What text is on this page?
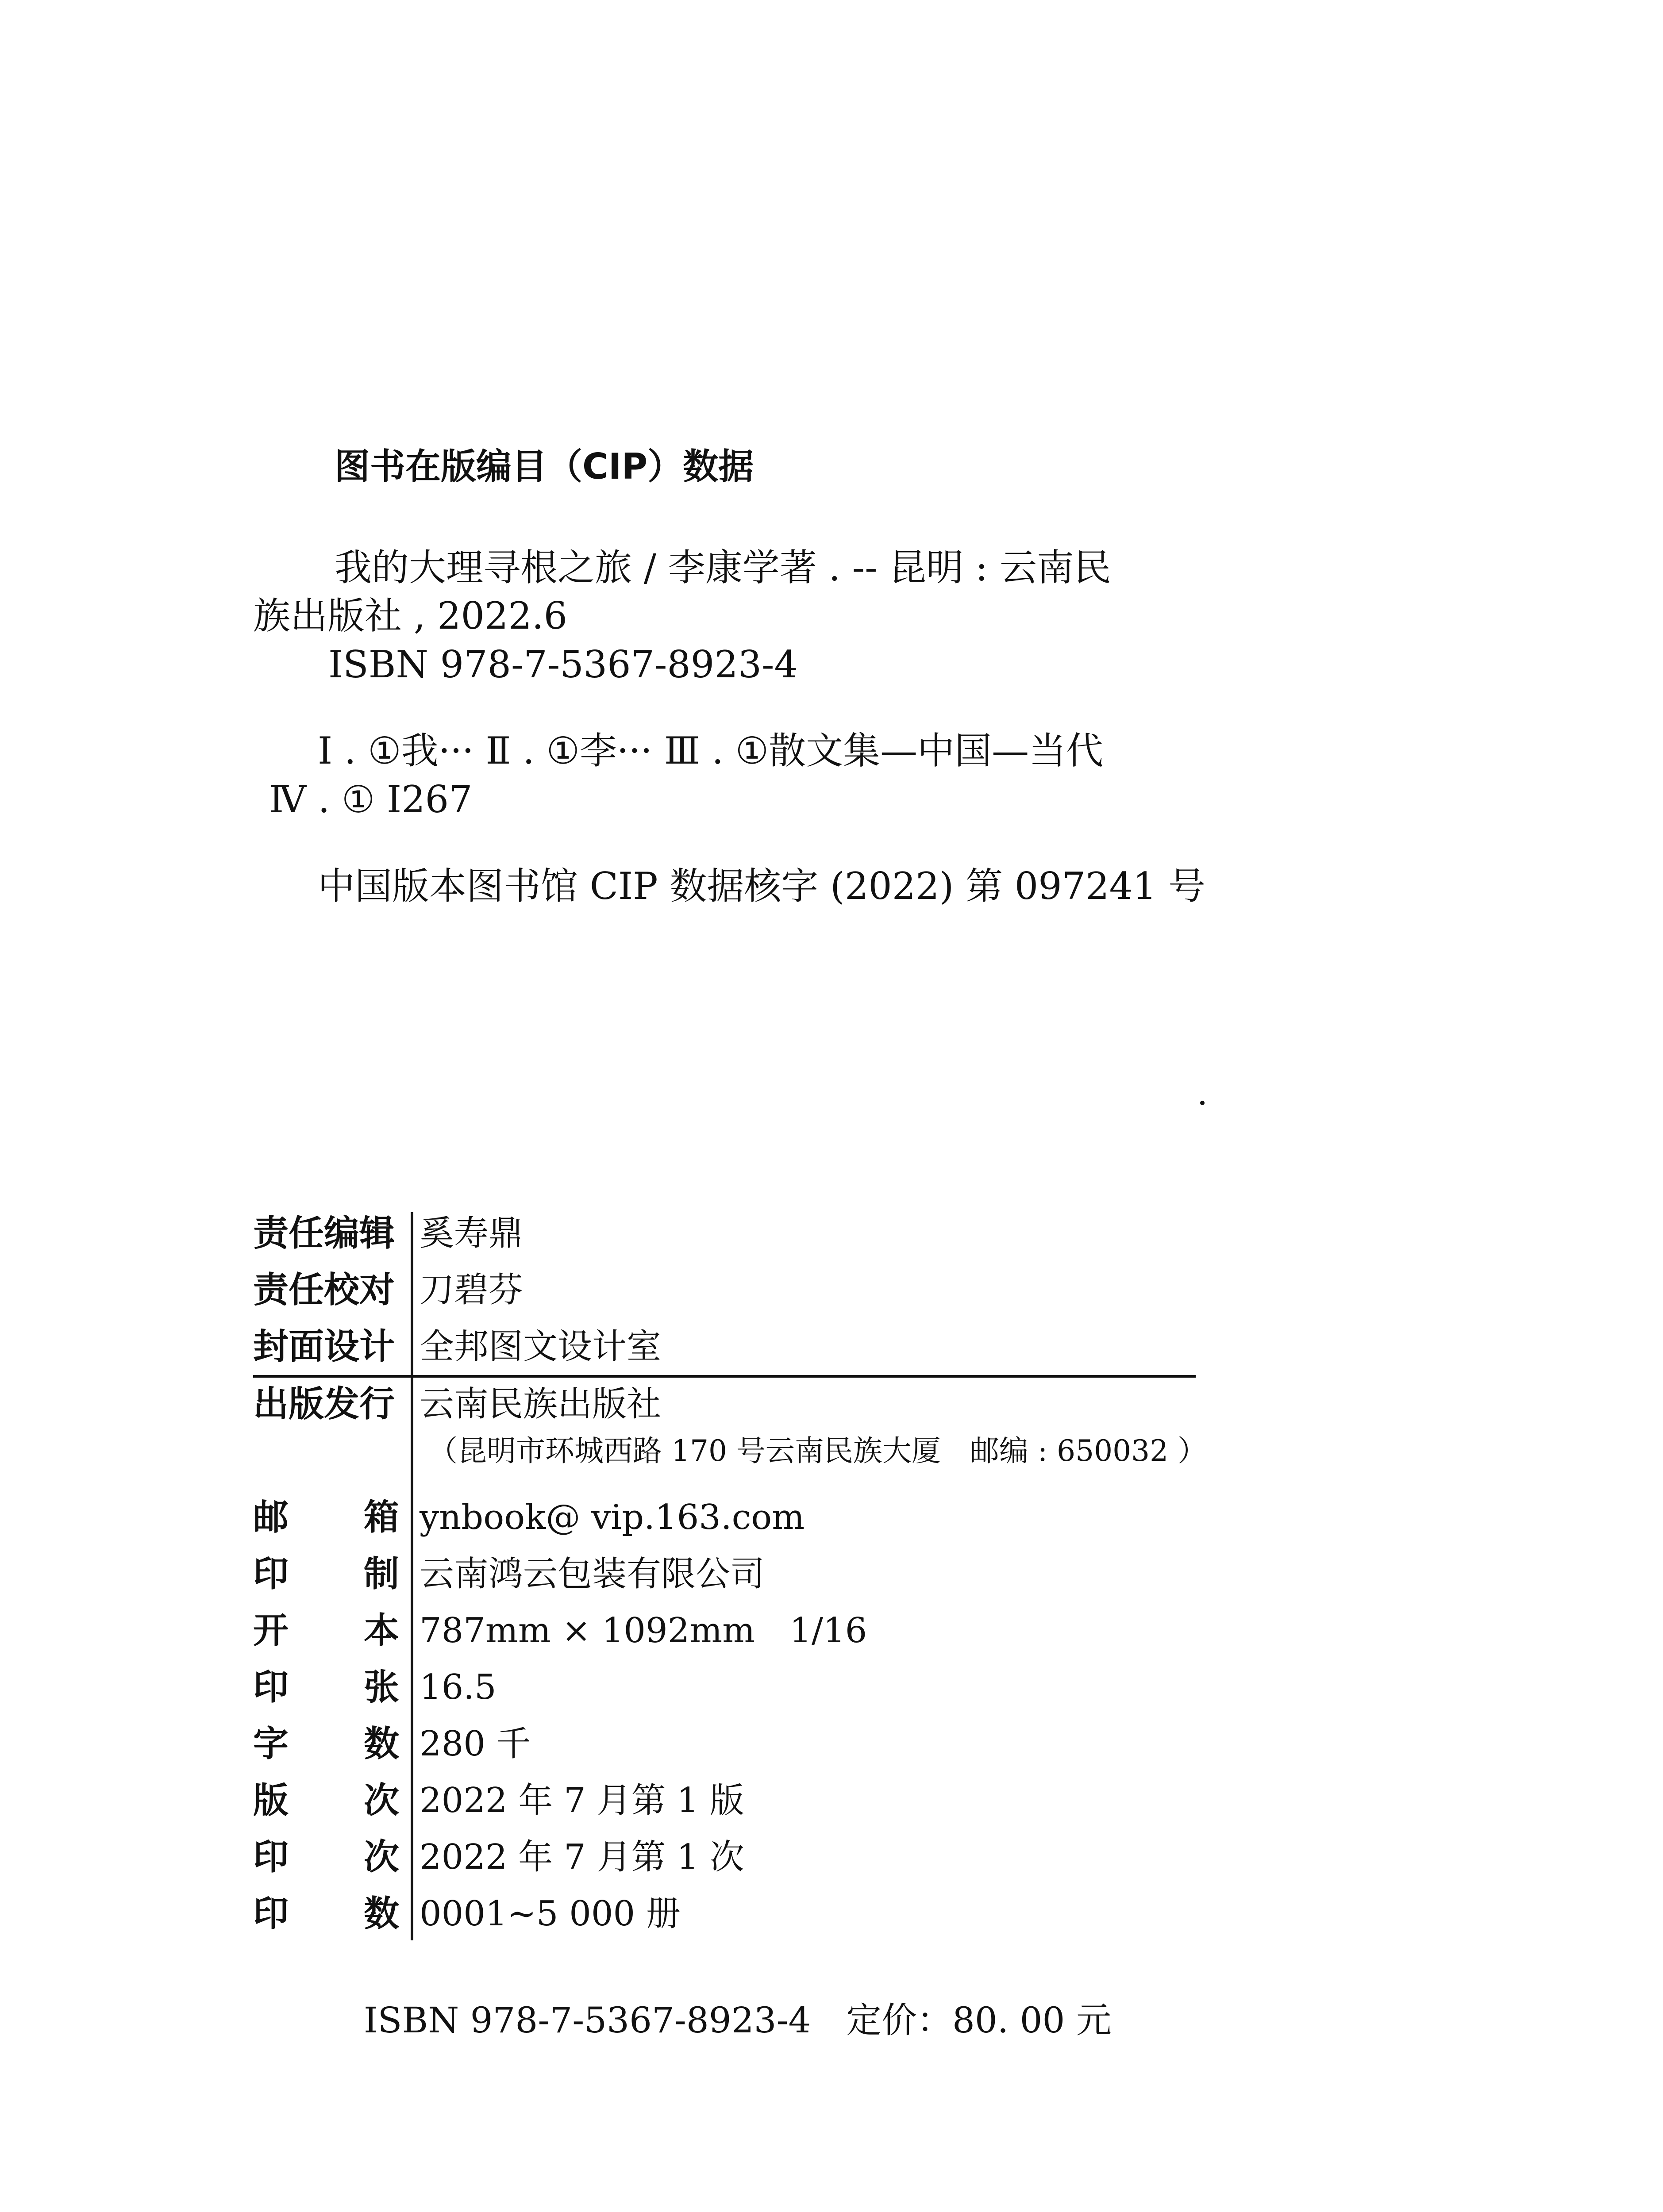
图书在版编目（CIP）数据
我的大理寻根之旅 / 李康学著 . -- 昆明 : 云南民
族出版社 , 2022.6
ISBN 978-7-5367-8923-4
Ⅰ . ①我··· Ⅱ . ①李··· Ⅲ . ①散文集—中国—当代
Ⅳ . ① I267
中国版本图书馆 CIP 数据核字 (2022) 第 097241 号
责任编辑 奚寿鼎
责任校对 刀碧芬
封面设计 全邦图文设计室
出版发行 云南民族出版社
（昆明市环城西路 170 号云南民族大厦　邮编 : 650032 ）
邮 箱 ynbook@ vip.163.com
印 制 云南鸿云包装有限公司
开 本 787mm × 1092mm　1/16
印 张 16.5
字 数 280 千
版 次 2022 年 7 月第 1 版
印 次 2022 年 7 月第 1 次
印 数 0001~5 000 册
ISBN 978-7-5367-8923-4 定价：80. 00 元
